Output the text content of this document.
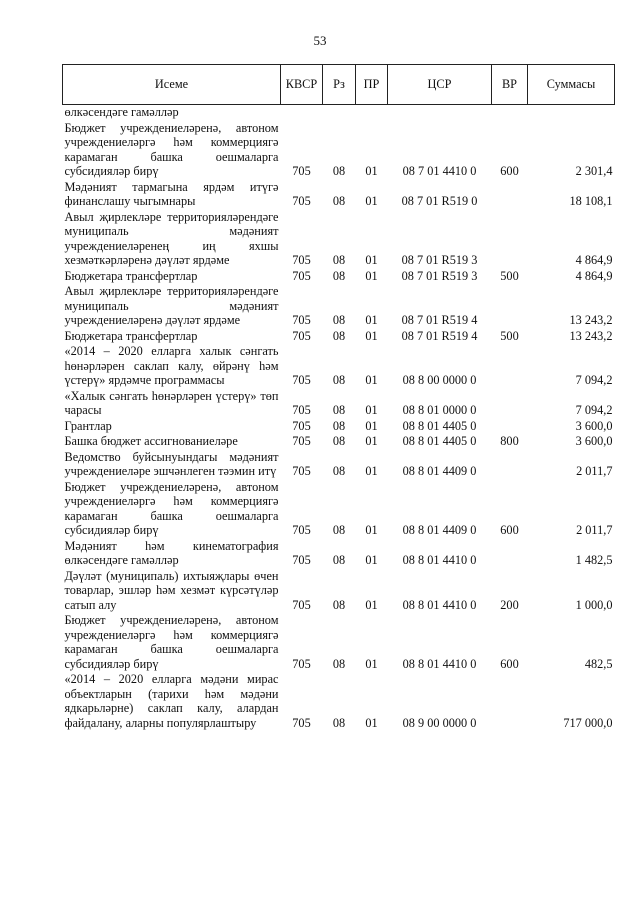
53
Исеме	КВСР	Рз	ПР	ЦСР	ВР	Суммасы
өлкәсендәге гамәлләр						
Бюджет учреждениеләренә, автоном учреждениеләргә һәм коммерциягә карамаган башка оешмаларга субсидияләр бирү	705	08	01	08 7 01 4410 0	600	2 301,4
Мәдәният тармагына ярдәм итүгә финанслашу чыгымнары	705	08	01	08 7 01 R519 0		18 108,1
Авыл җирлекләре территорияләрендәге муниципаль мәдәният учреждениеләренең иң яхшы хезмәткәрләренә дәүләт ярдәме	705	08	01	08 7 01 R519 3		4 864,9
Бюджетара трансфертлар	705	08	01	08 7 01 R519 3	500	4 864,9
Авыл җирлекләре территорияләрендәге муниципаль мәдәният учреждениеләренә дәүләт ярдәме	705	08	01	08 7 01 R519 4		13 243,2
Бюджетара трансфертлар	705	08	01	08 7 01 R519 4	500	13 243,2
«2014 – 2020 елларга халык сәнгать һөнәрләрен саклап калу, өйрәнү һәм үстерү» ярдәмче программасы	705	08	01	08 8 00 0000 0		7 094,2
«Халык сәнгать һөнәрләрен үстерү» төп чарасы	705	08	01	08 8 01 0000 0		7 094,2
Грантлар	705	08	01	08 8 01 4405 0		3 600,0
Башка бюджет ассигнованиеләре	705	08	01	08 8 01 4405 0	800	3 600,0
Ведомство буйсынуындагы мәдәният учреждениеләре эшчәнлеген тәэмин итү	705	08	01	08 8 01 4409 0		2 011,7
Бюджет учреждениеләренә, автоном учреждениеләргә һәм коммерциягә карамаган башка оешмаларга субсидияләр бирү	705	08	01	08 8 01 4409 0	600	2 011,7
Мәдәният һәм кинематография өлкәсендәге гамәлләр	705	08	01	08 8 01 4410 0		1 482,5
Дәүләт (муниципаль) ихтыяҗлары өчен товарлар, эшләр һәм хезмәт күрсәтүләр сатып алу	705	08	01	08 8 01 4410 0	200	1 000,0
Бюджет учреждениеләренә, автоном учреждениеләргә һәм коммерциягә карамаган башка оешмаларга субсидияләр бирү	705	08	01	08 8 01 4410 0	600	482,5
«2014 – 2020 елларга мәдәни мирас объектларын (тарихи һәм мәдәни ядкарьләрне) саклап калу, алардан файдалану, аларны популярлаштыру	705	08	01	08 9 00 0000 0		717 000,0
